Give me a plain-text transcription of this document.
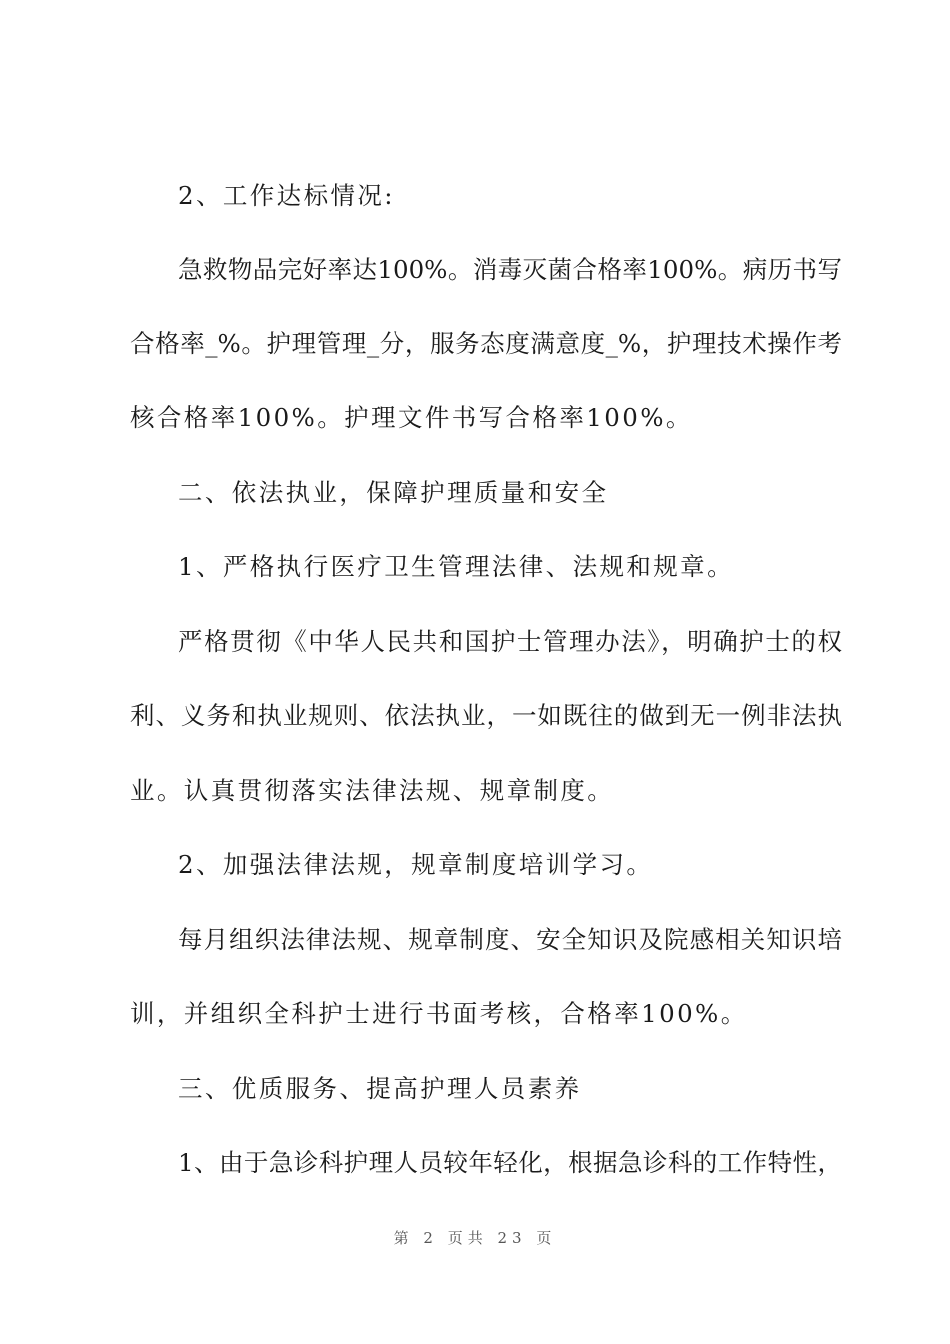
2、工作达标情况:
急救物品完好率达100%。消毒灭菌合格率100%。病历书写
合格率_%。护理管理_分，服务态度满意度_%，护理技术操作考
核合格率100%。护理文件书写合格率100%。
二、依法执业，保障护理质量和安全
1、严格执行医疗卫生管理法律、法规和规章。
严格贯彻《中华人民共和国护士管理办法》，明确护士的权
利、义务和执业规则、依法执业，一如既往的做到无一例非法执
业。认真贯彻落实法律法规、规章制度。
2、加强法律法规，规章制度培训学习。
每月组织法律法规、规章制度、安全知识及院感相关知识培
训，并组织全科护士进行书面考核，合格率100%。
三、优质服务、提高护理人员素养
1、由于急诊科护理人员较年轻化，根据急诊科的工作特性，
第 2 页共 23 页
